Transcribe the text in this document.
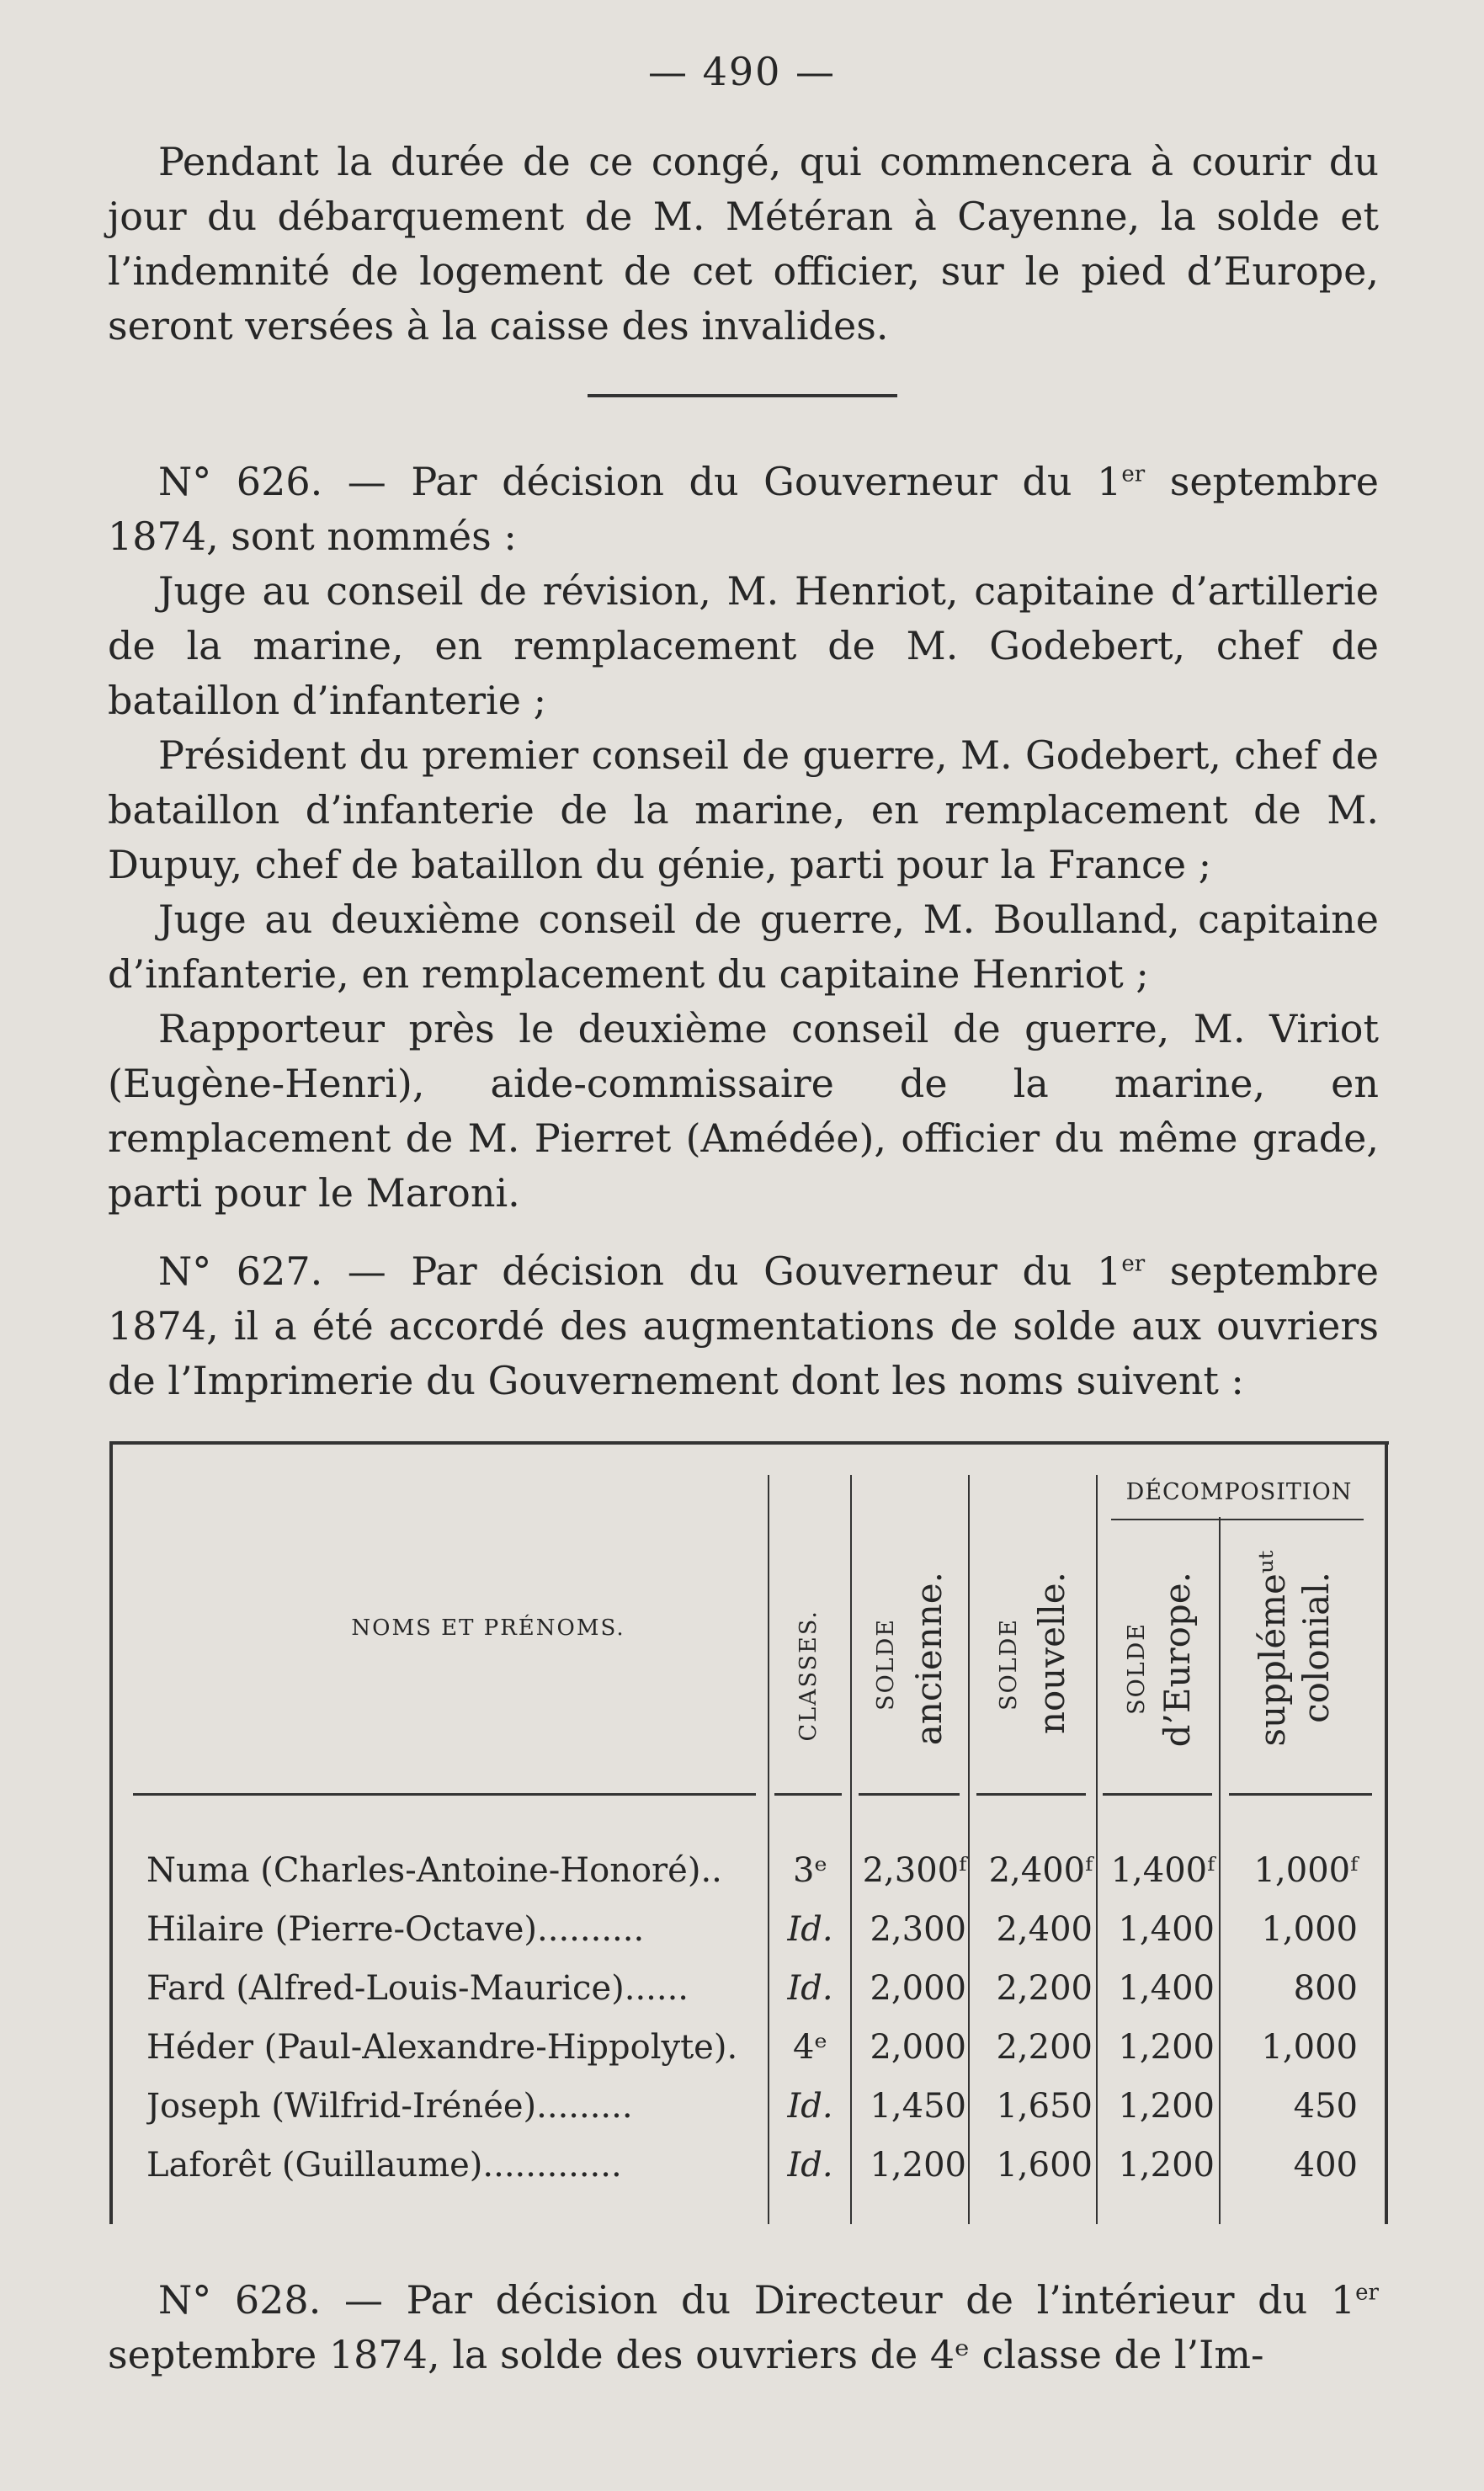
— 490 —

Pendant la durée de ce congé, qui commencera à courir du jour du débarquement de M. Météran à Cayenne, la solde et l’indemnité de logement de cet officier, sur le pied d’Europe, seront versées à la caisse des invalides.

N° 626. — Par décision du Gouverneur du 1er septembre 1874, sont nommés :

Juge au conseil de révision, M. Henriot, capitaine d’artillerie de la marine, en remplacement de M. Godebert, chef de bataillon d’infanterie ;

Président du premier conseil de guerre, M. Godebert, chef de bataillon d’infanterie de la marine, en remplacement de M. Dupuy, chef de bataillon du génie, parti pour la France ;

Juge au deuxième conseil de guerre, M. Boulland, capitaine d’infanterie, en remplacement du capitaine Henriot ;

Rapporteur près le deuxième conseil de guerre, M. Viriot (Eugène-Henri), aide-commissaire de la marine, en remplacement de M. Pierret (Amédée), officier du même grade, parti pour le Maroni.

N° 627. — Par décision du Gouverneur du 1er septembre 1874, il a été accordé des augmentations de solde aux ouvriers de l’Imprimerie du Gouvernement dont les noms suivent :

NOMS ET PRÉNOMS.
DÉCOMPOSITION
CLASSES. SOLDE ancienne. SOLDE nouvelle. SOLDE d’Europe. supplémeᵘᵗ colonial.
Numa (Charles-Antoine-Honoré)..	3ᵉ	2,300ᶠ 2,400ᶠ 1,400ᶠ	1,000ᶠ
Hilaire (Pierre-Octave)..........	Id.	2,300 2,400 1,400	1,000
Fard (Alfred-Louis-Maurice)......	Id.	2,000 2,200 1,400	800
Héder (Paul-Alexandre-Hippolyte).	4ᵉ	2,000 2,200 1,200	1,000
Joseph (Wilfrid-Irénée).........	Id.	1,450 1,650 1,200	450
Laforêt (Guillaume).............	Id.	1,200 1,600 1,200	400

N° 628. — Par décision du Directeur de l’intérieur du 1er septembre 1874, la solde des ouvriers de 4ᵉ classe de l’Im-
